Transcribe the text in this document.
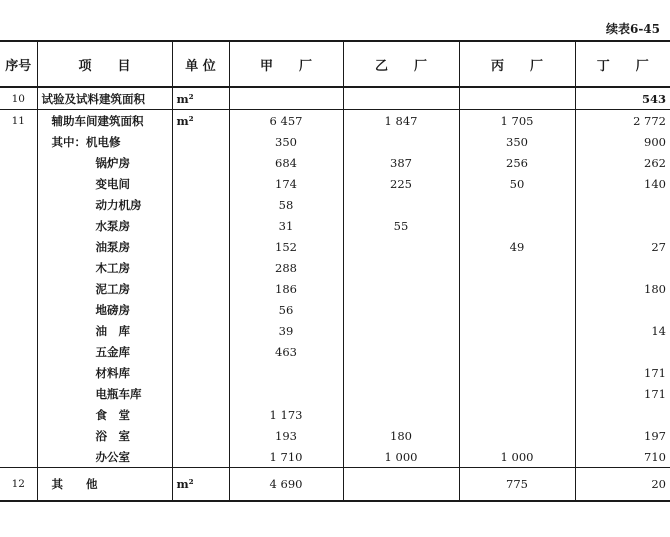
续表6-45
序号	项　　目	单 位	甲　　厂	乙　　厂	丙　　厂	丁　　厂
10	试验及试料建筑面积	m²				543
11	辅助车间建筑面积	m²	6 457	1 847	1 705	2 772
	其中：机电修		350		350	900
	锅炉房		684	387	256	262
	变电间		174	225	50	140
	动力机房		58			
	水泵房		31	55		
	油泵房		152		49	27
	木工房		288			
	泥工房		186			180
	地磅房		56			
	油　库		39			14
	五金库		463			
	材料库					171
	电瓶车库					171
	食　堂		1 173			
	浴　室		193	180		197
	办公室		1 710	1 000	1 000	710
12	其　　他	m²	4 690		775	20
